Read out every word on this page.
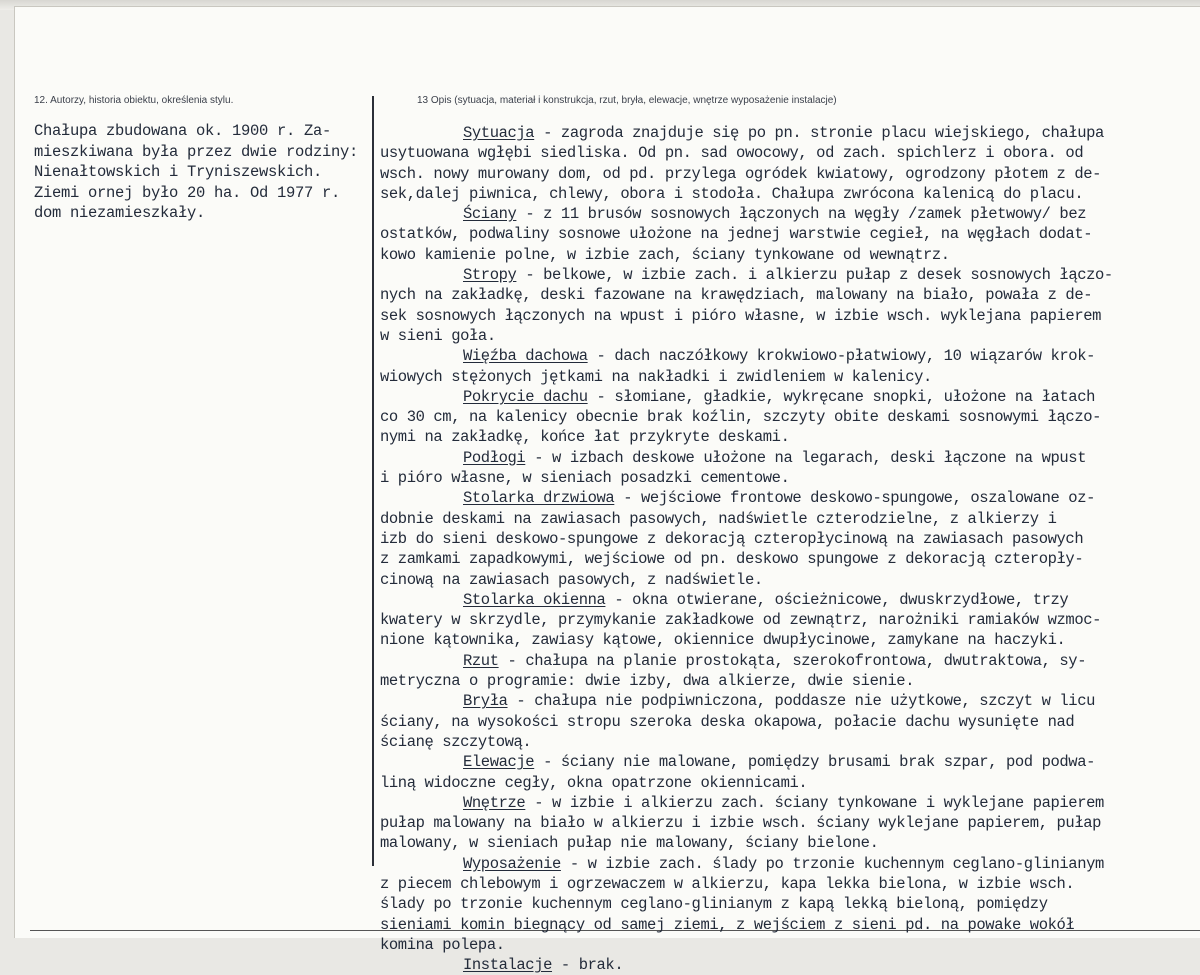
12. Autorzy, historia obiektu, określenia stylu.	13 Opis (sytuacja, materiał i konstrukcja, rzut, bryła, elewacje, wnętrze wyposażenie instalacje)
Chałupa zbudowana ok. 1900 r. Za-
mieszkiwana była przez dwie rodziny:
Nienałtowskich i Tryniszewskich.
Ziemi ornej było 20 ha. Od 1977 r.
dom niezamieszkały.

Sytuacja - zagroda znajduje się po pn. stronie placu wiejskiego, chałupa

usytuowana wgłębi siedliska. Od pn. sad owocowy, od zach. spichlerz i obora. od

wsch. nowy murowany dom, od pd. przylega ogródek kwiatowy, ogrodzony płotem z de-

sek,dalej piwnica, chlewy, obora i stodoła. Chałupa zwrócona kalenicą do placu.

Ściany - z 11 brusów sosnowych łączonych na węgły /zamek płetwowy/ bez

ostatków, podwaliny sosnowe ułożone na jednej warstwie cegieł, na węgłach dodat-

kowo kamienie polne, w izbie zach, ściany tynkowane od wewnątrz.

Stropy - belkowe, w izbie zach. i alkierzu pułap z desek sosnowych łączo-

nych na zakładkę, deski fazowane na krawędziach, malowany na biało, powała z de-

sek sosnowych łączonych na wpust i pióro własne, w izbie wsch. wyklejana papierem

w sieni goła.

Więźba dachowa - dach naczółkowy krokwiowo-płatwiowy, 10 wiązarów krok-

wiowych stężonych jętkami na nakładki i zwidleniem w kalenicy.

Pokrycie dachu - słomiane, gładkie, wykręcane snopki, ułożone na łatach

co 30 cm, na kalenicy obecnie brak koźlin, szczyty obite deskami sosnowymi łączo-

nymi na zakładkę, końce łat przykryte deskami.

Podłogi - w izbach deskowe ułożone na legarach, deski łączone na wpust

i pióro własne, w sieniach posadzki cementowe.

Stolarka drzwiowa - wejściowe frontowe deskowo-spungowe, oszalowane oz-

dobnie deskami na zawiasach pasowych, nadświetle czterodzielne, z alkierzy i

izb do sieni deskowo-spungowe z dekoracją czteropłycinową na zawiasach pasowych

z zamkami zapadkowymi, wejściowe od pn. deskowo spungowe z dekoracją czteropły-

cinową na zawiasach pasowych, z nadświetle.

Stolarka okienna - okna otwierane, ościeżnicowe, dwuskrzydłowe, trzy

kwatery w skrzydle, przymykanie zakładkowe od zewnątrz, narożniki ramiaków wzmoc-

nione kątownika, zawiasy kątowe, okiennice dwupłycinowe, zamykane na haczyki.

Rzut - chałupa na planie prostokąta, szerokofrontowa, dwutraktowa, sy-

metryczna o programie: dwie izby, dwa alkierze, dwie sienie.

Bryła - chałupa nie podpiwniczona, poddasze nie użytkowe, szczyt w licu

ściany, na wysokości stropu szeroka deska okapowa, połacie dachu wysunięte nad

ścianę szczytową.

Elewacje - ściany nie malowane, pomiędzy brusami brak szpar, pod podwa-

liną widoczne cegły, okna opatrzone okiennicami.

Wnętrze - w izbie i alkierzu zach. ściany tynkowane i wyklejane papierem

pułap malowany na biało w alkierzu i izbie wsch. ściany wyklejane papierem, pułap

malowany, w sieniach pułap nie malowany, ściany bielone.

Wyposażenie - w izbie zach. ślady po trzonie kuchennym ceglano-glinianym

z piecem chlebowym i ogrzewaczem w alkierzu, kapa lekka bielona, w izbie wsch.

ślady po trzonie kuchennym ceglano-glinianym z kapą lekką bieloną, pomiędzy

sieniami komin biegnący od samej ziemi, z wejściem z sieni pd. na powake wokół

komina polepa.

Instalacje - brak.
